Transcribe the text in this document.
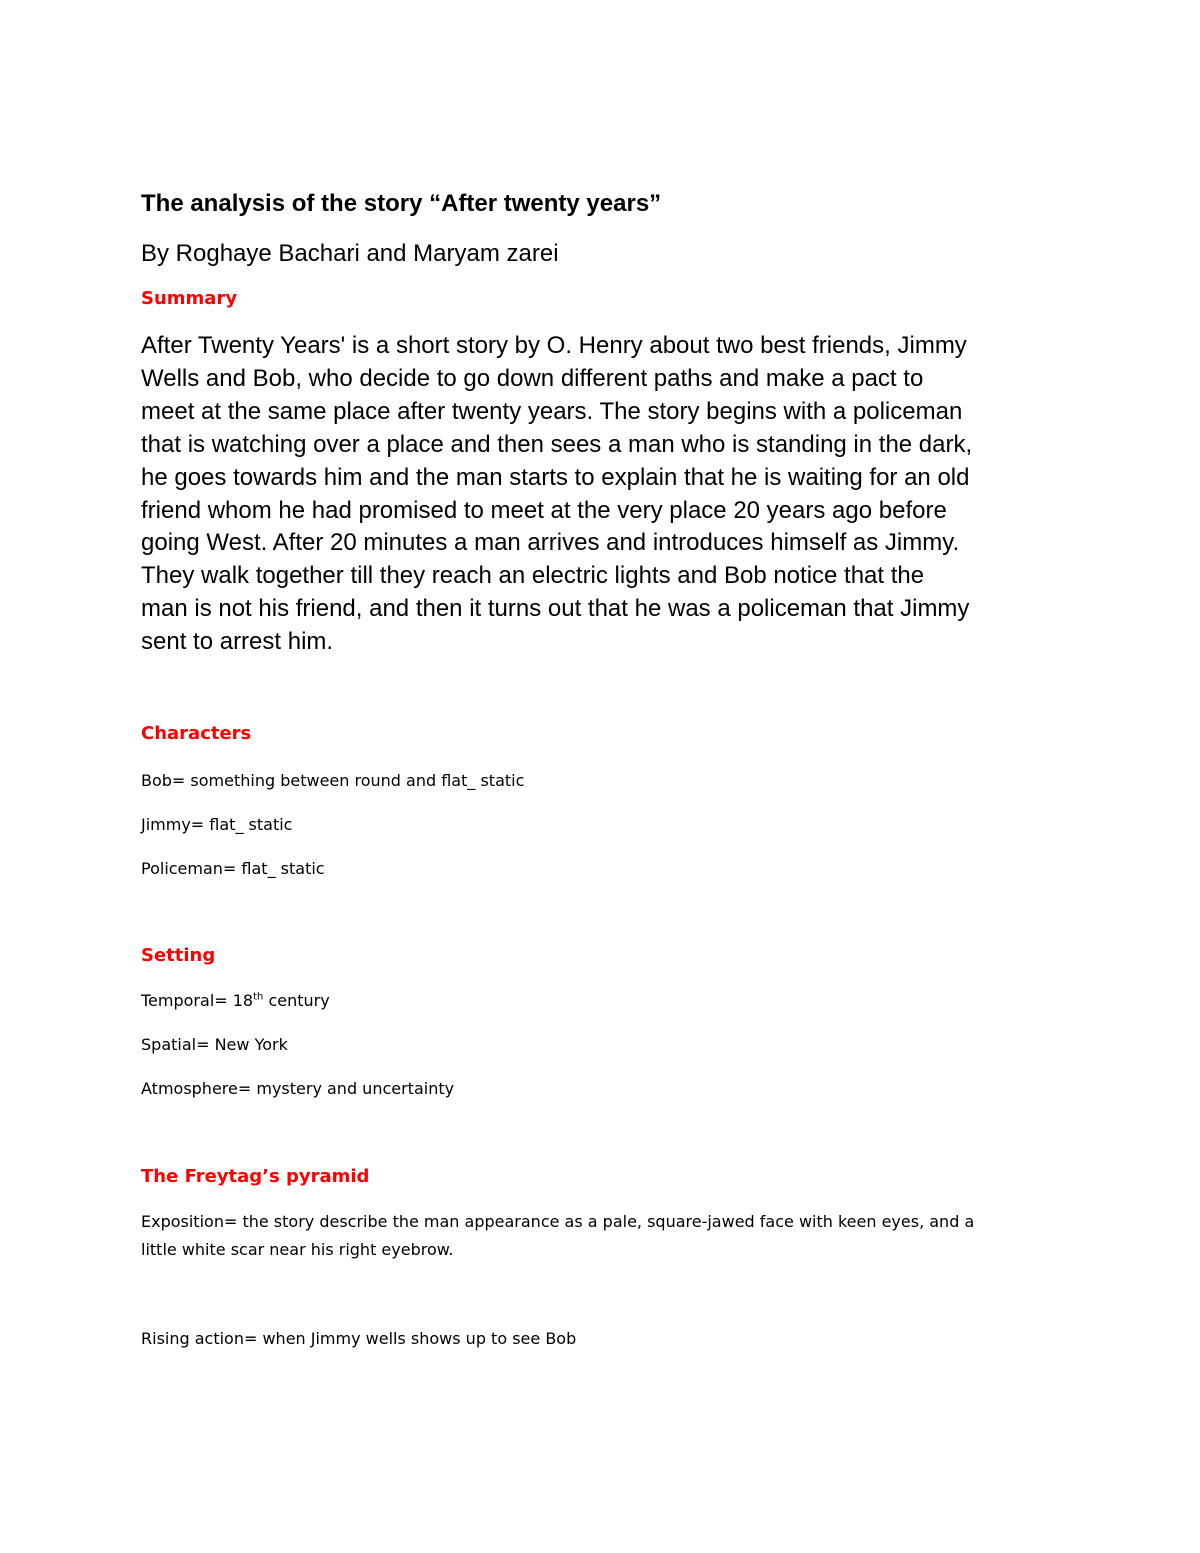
The analysis of the story “After twenty years”

By Roghaye Bachari and Maryam zarei

Summary

After Twenty Years' is a short story by O. Henry about two best friends, Jimmy
Wells and Bob, who decide to go down different paths and make a pact to
meet at the same place after twenty years. The story begins with a policeman
that is watching over a place and then sees a man who is standing in the dark,
he goes towards him and the man starts to explain that he is waiting for an old
friend whom he had promised to meet at the very place 20 years ago before
going West. After 20 minutes a man arrives and introduces himself as Jimmy.
They walk together till they reach an electric lights and Bob notice that the
man is not his friend, and then it turns out that he was a policeman that Jimmy
sent to arrest him.

Characters

Bob= something between round and flat_ static

Jimmy= flat_ static

Policeman= flat_ static

Setting

Temporal= 18th century

Spatial= New York

Atmosphere= mystery and uncertainty

The Freytag’s pyramid

Exposition= the story describe the man appearance as a pale, square-jawed face with keen eyes, and a

little white scar near his right eyebrow.

Rising action= when Jimmy wells shows up to see Bob
